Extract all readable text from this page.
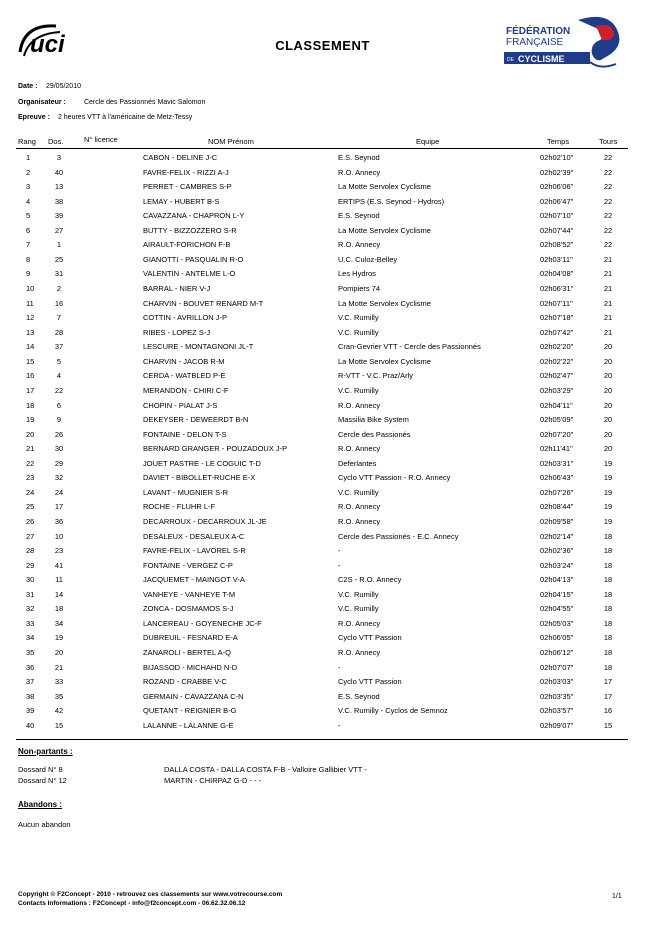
uci	CLASSEMENT
FÉDÉRATION
FRANÇAISE
DE CYCLISME
Date : 29/05/2010
Organisateur :	Cercle des Passionnés Mavic Salomon
Epreuve : 2 heures VTT à l'américaine de Metz-Tessy
Rang Dos.	N° licence	NOM Prénom	Equipe	Temps	Tours
1	3	CABON - DELINE J-C	E.S. Seynod	02h02'10"	22
2	40	FAVRE-FELIX - RIZZI A-J	R.O. Annecy	02h02'39"	22
3	13	PERRET - CAMBRES S-P	La Motte Servolex Cyclisme	02h06'06"	22
4	38	LEMAY - HUBERT B-S	ERTIPS (E.S. Seynod - Hydros)	02h06'47"	22
5	39	CAVAZZANA - CHAPRON L-Y	E.S. Seynod	02h07'10"	22
6	27	BUTTY - BIZZOZZERO S-R	La Motte Servolex Cyclisme	02h07'44"	22
7	1	AIRAULT-FORICHON F-B	R.O. Annecy	02h08'52"	22
8	25	GIANOTTI - PASQUALIN R-O	U.C. Culoz-Belley	02h03'11"	21
9	31	VALENTIN - ANTELME L-O	Les Hydros	02h04'08"	21
10	2	BARRAL - NIER V-J	Pompiers 74	02h06'31"	21
11	16	CHARVIN - BOUVET RENARD M-T	La Motte Servolex Cyclisme	02h07'11"	21
12	7	COTTIN - AVRILLON J-P	V.C. Rumilly	02h07'18"	21
13	28	RIBES - LOPEZ S-J	V.C. Rumilly	02h07'42"	21
14	37	LESCURE - MONTAGNONI JL-T	Cran-Gevrier VTT - Cercle des Passionnés	02h02'20"	20
15	5	CHARVIN - JACOB R-M	La Motte Servolex Cyclisme	02h02'22"	20
16	4	CERDA - WATBLED P-E	R-VTT - V.C. Praz/Arly	02h02'47"	20
17	22	MERANDON - CHIRI C-F	V.C. Rumilly	02h03'29"	20
18	6	CHOPIN - PIALAT J-S	R.O. Annecy	02h04'11"	20
19	9	DEKEYSER - DEWEERDT B-N	Massilia Bike System	02h05'09"	20
20	26	FONTAINE - DELON T-S	Cercle des Passionés	02h07'20"	20
21	30	BERNARD GRANGER - POUZADOUX J-P	R.O. Annecy	02h11'41"	20
22	29	JOUET PASTRE - LE COGUIC T-D	Deferlantes	02h03'31"	19
23	32	DAVIET - BIBOLLET-RUCHE E-X	Cyclo VTT Passion - R.O. Annecy	02h06'43"	19
24	24	LAVANT - MUGNIER S-R	V.C. Rumilly	02h07'26"	19
25	17	ROCHE - FLUHR L-F	R.O. Annecy	02h08'44"	19
26	36	DECARROUX - DECARROUX JL-JE	R.O. Annecy	02h09'58"	19
27	10	DESALEUX - DESALEUX A-C	Cercle des Passionés - E.C. Annecy	02h02'14"	18
28	23	FAVRE-FELIX - LAVOREL S-R	-	02h02'36"	18
29	41	FONTAINE - VERGEZ C-P	-	02h03'24"	18
30	11	JACQUEMET - MAINGOT V-A	C2S - R.O. Annecy	02h04'13"	18
31	14	VANHEYE - VANHEYE T-M	V.C. Rumilly	02h04'15"	18
32	18	ZONCA - DOSMAMOS S-J	V.C. Rumilly	02h04'55"	18
33	34	LANCEREAU - GOYENECHE JC-F	R.O. Annecy	02h05'03"	18
34	19	DUBREUIL - FESNARD E-A	Cyclo VTT Passion	02h06'05"	18
35	20	ZANAROLI - BERTEL A-Q	R.O. Annecy	02h06'12"	18
36	21	BIJASSOD - MICHAHD N-D	-	02h07'07"	18
37	33	ROZAND - CRABBE V-C	Cyclo VTT Passion	02h03'03"	17
38	35	GERMAIN - CAVAZZANA C-N	E.S. Seynod	02h03'35"	17
39	42	QUETANT - REIGNIER B-G	V.C. Rumilly - Cyclos de Semnoz	02h03'57"	16
40	15	LALANNE - LALANNE G-E	-	02h09'07"	15
Non-partants :
Dossard N° 8	DALLA COSTA - DALLA COSTA F-B - Valloire Gallibier VTT -
Dossard N° 12	MARTIN - CHIRPAZ G-D - - -
Abandons :
Aucun abandon
Copyright © F2Concept - 2010 - retrouvez ces classements sur www.votrecourse.com
Contacts Informations : F2Concept - info@f2concept.com - 06.62.32.06.12
1/1
